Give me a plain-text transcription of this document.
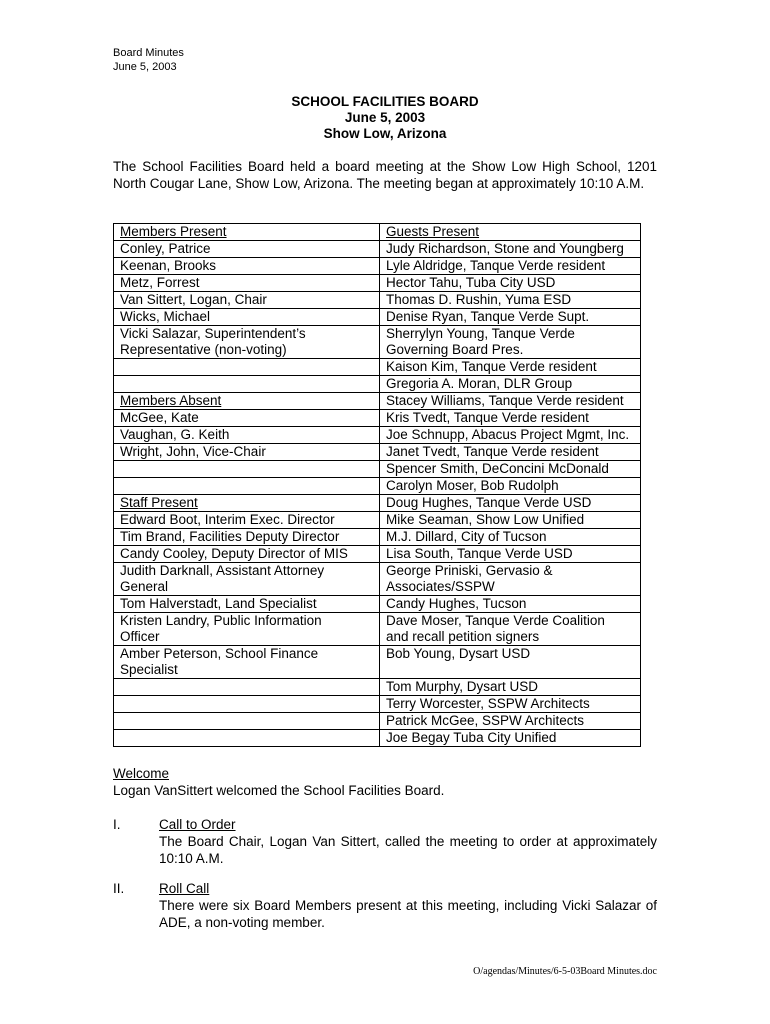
Board Minutes
June 5, 2003
SCHOOL FACILITIES BOARD
June 5, 2003
Show Low, Arizona
The School Facilities Board held a board meeting at the Show Low High School, 1201 North Cougar Lane, Show Low, Arizona. The meeting began at approximately 10:10 A.M.
Members Present	Guests Present

Conley, Patrice	Judy Richardson, Stone and Youngberg

Keenan, Brooks	Lyle Aldridge, Tanque Verde resident

Metz, Forrest	Hector Tahu, Tuba City USD

Van Sittert, Logan, Chair	Thomas D. Rushin, Yuma ESD

Wicks, Michael	Denise Ryan, Tanque Verde Supt.

Vicki Salazar, Superintendent’s
Representative (non-voting)	Sherrylyn Young, Tanque Verde
Governing Board Pres.

	Kaison Kim, Tanque Verde resident

	Gregoria A. Moran, DLR Group

Members Absent	Stacey Williams, Tanque Verde resident

McGee, Kate	Kris Tvedt, Tanque Verde resident

Vaughan, G. Keith	Joe Schnupp, Abacus Project Mgmt, Inc.

Wright, John, Vice-Chair	Janet Tvedt, Tanque Verde resident

	Spencer Smith, DeConcini McDonald

	Carolyn Moser, Bob Rudolph

Staff Present	Doug Hughes, Tanque Verde USD

Edward Boot, Interim Exec. Director	Mike Seaman, Show Low Unified

Tim Brand, Facilities Deputy Director	M.J. Dillard, City of Tucson

Candy Cooley, Deputy Director of MIS	Lisa South, Tanque Verde USD

Judith Darknall, Assistant Attorney
General	George Priniski, Gervasio &
Associates/SSPW

Tom Halverstadt, Land Specialist	Candy Hughes, Tucson

Kristen Landry, Public Information
Officer	Dave Moser, Tanque Verde Coalition
and recall petition signers

Amber Peterson, School Finance
Specialist	Bob Young, Dysart USD

	Tom Murphy, Dysart USD

	Terry Worcester, SSPW Architects

	Patrick McGee, SSPW Architects

	Joe Begay Tuba City Unified
Welcome
Logan VanSittert welcomed the School Facilities Board.
I.	Call to Order
The Board Chair, Logan Van Sittert, called the meeting to order at approximately 10:10 A.M.
II.	Roll Call
There were six Board Members present at this meeting, including Vicki Salazar of ADE, a non-voting member.
O/agendas/Minutes/6-5-03Board Minutes.doc
